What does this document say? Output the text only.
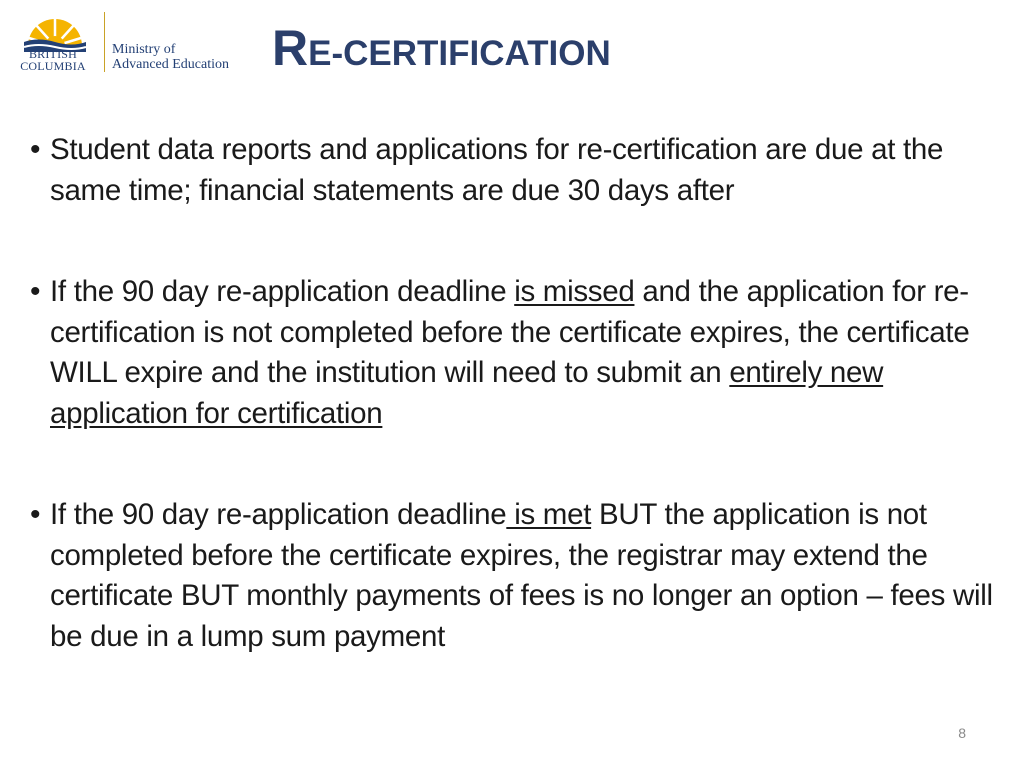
BRITISH
COLUMBIA
Ministry of
Advanced Education RE-CERTIFICATION
• Student data reports and applications for re-certification are due at the same time; financial statements are due 30 days after
• If the 90 day re-application deadline is missed and the application for re-certification is not completed before the certificate expires, the certificate WILL expire and the institution will need to submit an entirely new application for certification
• If the 90 day re-application deadline is met BUT the application is not completed before the certificate expires, the registrar may extend the certificate BUT monthly payments of fees is no longer an option – fees will be due in a lump sum payment
8
